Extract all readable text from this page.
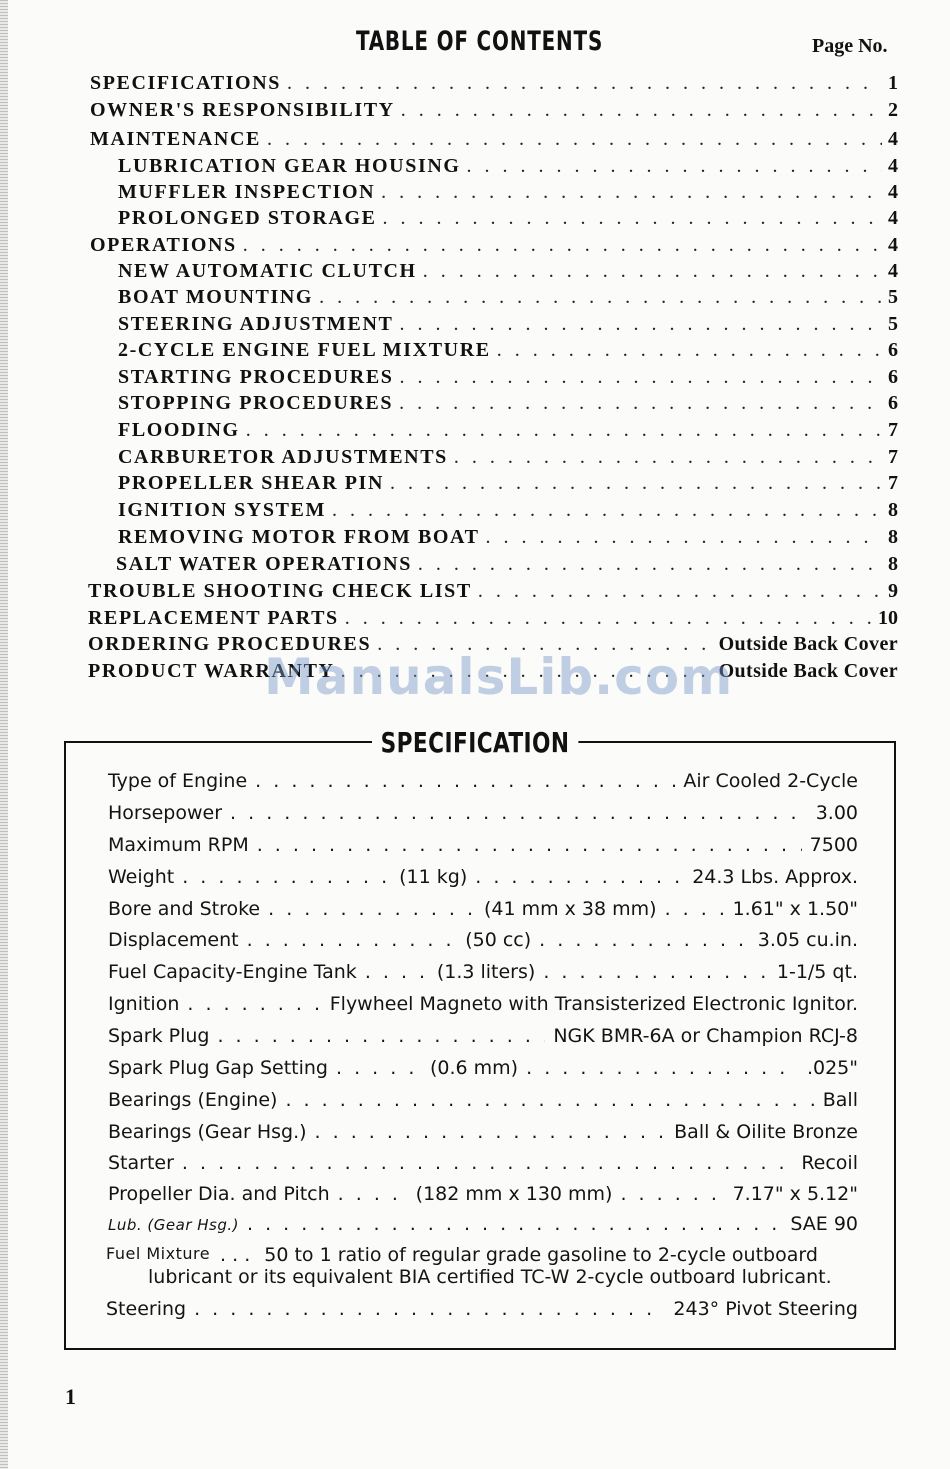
TABLE OF CONTENTS	Page No.
SPECIFICATIONS . . .	1
OWNER'S RESPONSIBILITY . . .	2
MAINTENANCE . . .	4
LUBRICATION GEAR HOUSING . . .	4
MUFFLER INSPECTION . . .	4
PROLONGED STORAGE . . .	4
OPERATIONS . . .	4
NEW AUTOMATIC CLUTCH . . .	4
BOAT MOUNTING . . .	5
STEERING ADJUSTMENT . . .	5
2-CYCLE ENGINE FUEL MIXTURE . . .	6
STARTING PROCEDURES . . .	6
STOPPING PROCEDURES . . .	6
FLOODING . . .	7
CARBURETOR ADJUSTMENTS . . .	7
PROPELLER SHEAR PIN . . .	7
IGNITION SYSTEM . . .	8
REMOVING MOTOR FROM BOAT . . .	8
SALT WATER OPERATIONS . . .	8
TROUBLE SHOOTING CHECK LIST . . .	9
REPLACEMENT PARTS . . .	10
ORDERING PROCEDURES . . .	Outside Back Cover
PRODUCT WARRANTY . . .	Outside Back Cover
ManualsLib.com
SPECIFICATION
Type of Engine . . .	Air Cooled 2-Cycle
Horsepower . . .	3.00
Maximum RPM . . .	7500
Weight . . .	(11 kg) . . .	24.3 Lbs. Approx.
Bore and Stroke . . .	(41 mm x 38 mm) . . .	1.61" x 1.50"
Displacement . . .	(50 cc) . . .	3.05 cu.in.
Fuel Capacity-Engine Tank . . .	(1.3 liters) . . .	1-1/5 qt.
Ignition . . .	Flywheel Magneto with Transisterized Electronic Ignitor.
Spark Plug . . .	NGK BMR-6A or Champion RCJ-8
Spark Plug Gap Setting . . .	(0.6 mm) . . .	.025"
Bearings (Engine) . . .	Ball
Bearings (Gear Hsg.) . . .	Ball & Oilite Bronze
Starter . . .	Recoil
Propeller Dia. and Pitch . . .	(182 mm x 130 mm) . . .	7.17" x 5.12"
Lub. (Gear Hsg.) . . .	SAE 90
Fuel Mixture . . . 50 to 1 ratio of regular grade gasoline to 2-cycle outboard
lubricant or its equivalent BIA certified TC-W 2-cycle outboard lubricant.
Steering . . .	243° Pivot Steering
1
